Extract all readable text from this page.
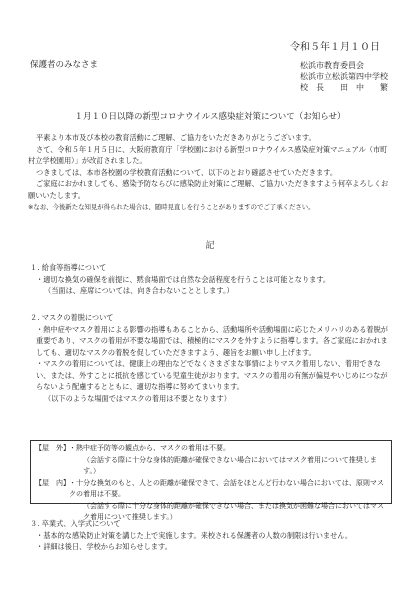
令和５年１月１０日
保護者のみなさま	松浜市教育委員会
松浜市立松浜第四中学校
校　長　　田　中　　繁
１月１０日以降の新型コロナウイルス感染症対策について（お知らせ）

平素より本市及び本校の教育活動にご理解、ご協力をいただきありがとうございます。

さて、令和５年１月５日に、大阪府教育庁「学校園における新型コロナウイルス感染症対策マニュアル（市町村立学校園用）」が改訂されました。

つきましては、本市各校園の学校教育活動について、以下のとおり確認させていただきます。

ご家庭におかれましても、感染予防ならびに感染防止対策にご理解、ご協力いただきますよう何卒よろしくお願いいたします。

※なお、今後新たな知見が得られた場合は、随時見直しを行うことがありますのでご了承ください。

記

１. 給食等指導について

・適切な換気の確保を前提に、黙食場面では自然な会話程度を行うことは可能となります。

（当面は、座席については、向き合わないこととします。）

２. マスクの着脱について

・熱中症やマスク着用による影響の指導もあることから、活動場所や活動場面に応じたメリハリのある着脱が重要であり、マスクの着用が不要な場面では、積極的にマスクを外すように指導します。各ご家庭におかれましても、適切なマスクの着脱を促していただきますよう、趣旨をお願い申し上げます。

・マスクの着用については、健康上の理由などでなくさまざまな事情によりマスク着用しない、着用できない、または、外すことに抵抗を感じている児童生徒がおります。マスクの着用の有無が偏見やいじめにつながらないよう配慮するとともに、適切な指導に努めてまいります。

（以下のような場面ではマスクの着用は不要となります）

【屋　外】 ・熱中症予防等の観点から、マスクの着用は不要。
（会話する際に十分な身体的距離が確保できない場合においてはマスク着用について推奨します。）
【屋　内】 ・十分な換気のもと、人との距離が確保できて、会話をほとんど行わない場合においては、原則マスクの着用は不要。
（会話する際に十分な身体的距離が確保できない場合、または換気が困難な場合においてはマスク着用について推奨します。）

３. 卒業式、入学式について

・基本的な感染防止対策を講じた上で実施します。来校される保護者の人数の制限は行いません。

・詳細は後日、学校からお知らせします。
